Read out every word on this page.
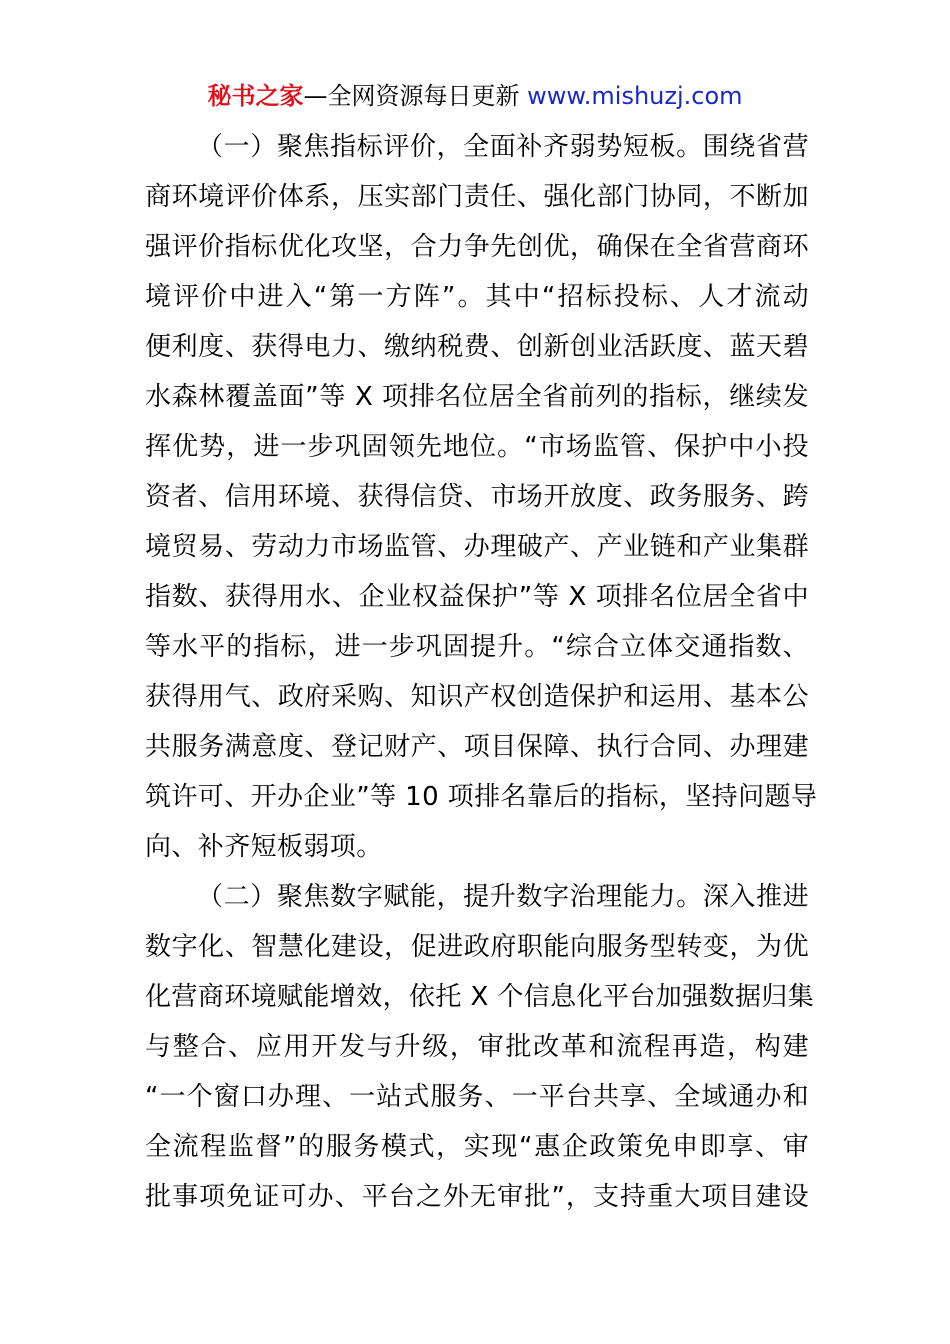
秘书之家—全网资源每日更新 www.mishuzj.com
（一）聚焦指标评价，全面补齐弱势短板。围绕省营
商环境评价体系，压实部门责任、强化部门协同，不断加
强评价指标优化攻坚，合力争先创优，确保在全省营商环
境评价中进入“第一方阵”。其中“招标投标、人才流动
便利度、获得电力、缴纳税费、创新创业活跃度、蓝天碧
水森林覆盖面”等 X 项排名位居全省前列的指标，继续发
挥优势，进一步巩固领先地位。“市场监管、保护中小投
资者、信用环境、获得信贷、市场开放度、政务服务、跨
境贸易、劳动力市场监管、办理破产、产业链和产业集群
指数、获得用水、企业权益保护”等 X 项排名位居全省中
等水平的指标，进一步巩固提升。“综合立体交通指数、
获得用气、政府采购、知识产权创造保护和运用、基本公
共服务满意度、登记财产、项目保障、执行合同、办理建
筑许可、开办企业”等 10 项排名靠后的指标，坚持问题导
向、补齐短板弱项。
（二）聚焦数字赋能，提升数字治理能力。深入推进
数字化、智慧化建设，促进政府职能向服务型转变，为优
化营商环境赋能增效，依托 X 个信息化平台加强数据归集
与整合、应用开发与升级，审批改革和流程再造，构建
“一个窗口办理、一站式服务、一平台共享、全域通办和
全流程监督”的服务模式，实现“惠企政策免申即享、审
批事项免证可办、平台之外无审批”，支持重大项目建设
